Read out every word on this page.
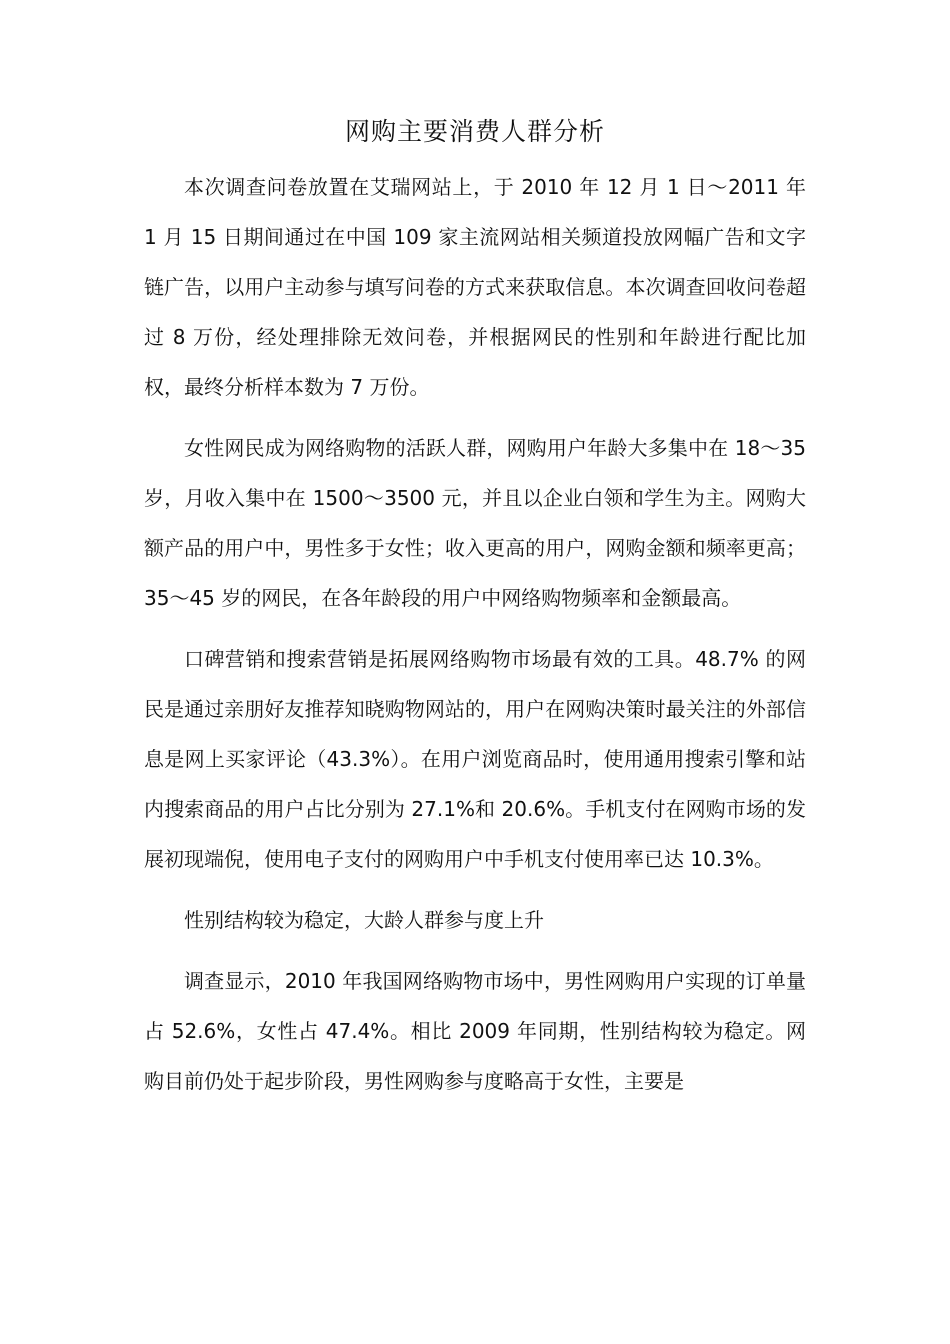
网购主要消费人群分析

本次调查问卷放置在艾瑞网站上，于 2010 年 12 月 1 日～2011 年 1 月 15 日期间通过在中国 109 家主流网站相关频道投放网幅广告和文字链广告，以用户主动参与填写问卷的方式来获取信息。本次调查回收问卷超过 8 万份，经处理排除无效问卷，并根据网民的性别和年龄进行配比加权，最终分析样本数为 7 万份。

女性网民成为网络购物的活跃人群，网购用户年龄大多集中在 18～35 岁，月收入集中在 1500～3500 元，并且以企业白领和学生为主。网购大额产品的用户中，男性多于女性；收入更高的用户，网购金额和频率更高；35～45 岁的网民，在各年龄段的用户中网络购物频率和金额最高。

口碑营销和搜索营销是拓展网络购物市场最有效的工具。48.7% 的网民是通过亲朋好友推荐知晓购物网站的，用户在网购决策时最关注的外部信息是网上买家评论（43.3%）。在用户浏览商品时，使用通用搜索引擎和站内搜索商品的用户占比分别为 27.1%和 20.6%。手机支付在网购市场的发展初现端倪，使用电子支付的网购用户中手机支付使用率已达 10.3%。

性别结构较为稳定，大龄人群参与度上升

调查显示，2010 年我国网络购物市场中，男性网购用户实现的订单量占 52.6%，女性占 47.4%。相比 2009 年同期，性别结构较为稳定。网购目前仍处于起步阶段，男性网购参与度略高于女性，主要是
